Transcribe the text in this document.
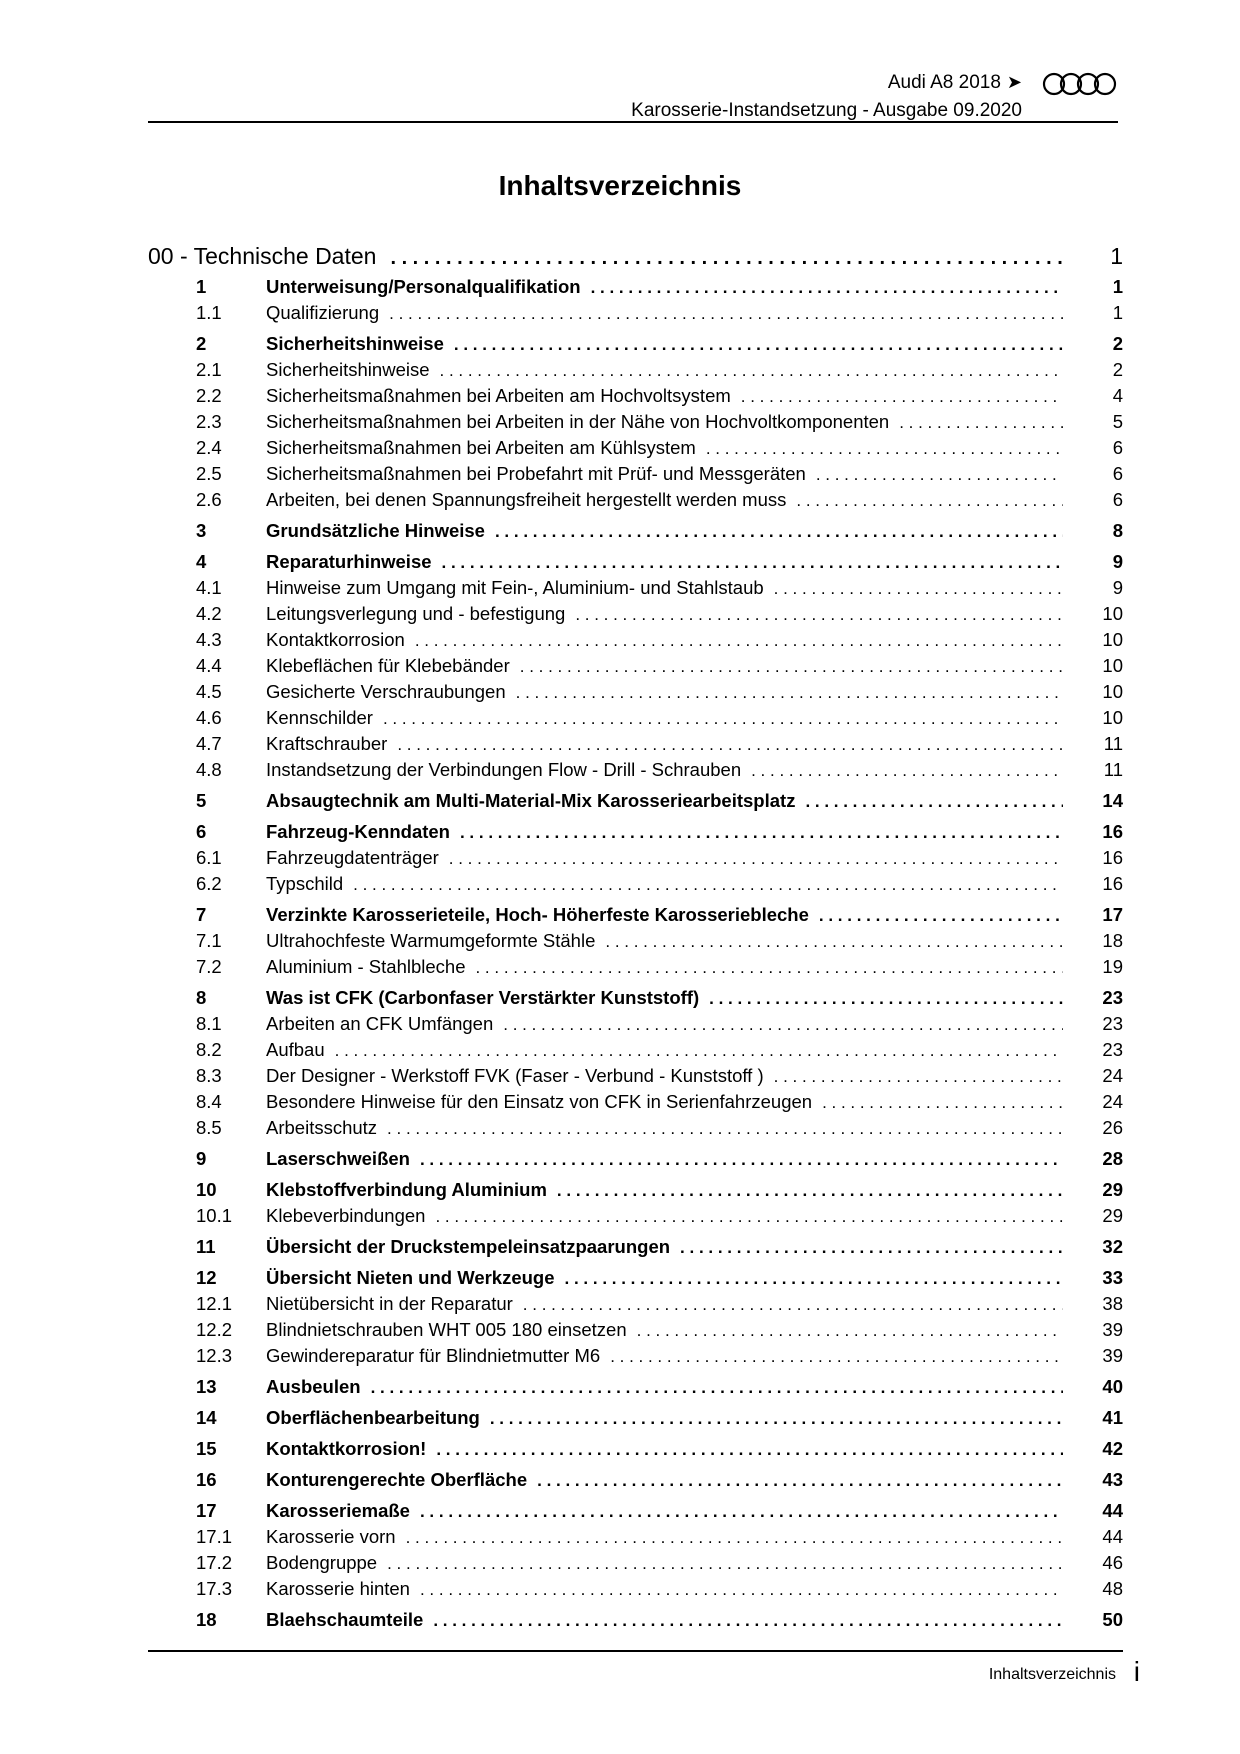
Audi A8 2018 ➤
Karosserie-Instandsetzung - Ausgabe 09.2020
Inhaltsverzeichnis
00 - Technische Daten . . .	1
1	Unterweisung/Personalqualifikation . . .	1
1.1	Qualifizierung . . .	1
2	Sicherheitshinweise . . .	2
2.1	Sicherheitshinweise . . .	2
2.2	Sicherheitsmaßnahmen bei Arbeiten am Hochvoltsystem . . .	4
2.3	Sicherheitsmaßnahmen bei Arbeiten in der Nähe von Hochvoltkomponenten . . .	5
2.4	Sicherheitsmaßnahmen bei Arbeiten am Kühlsystem . . .	6
2.5	Sicherheitsmaßnahmen bei Probefahrt mit Prüf- und Messgeräten . . .	6
2.6	Arbeiten, bei denen Spannungsfreiheit hergestellt werden muss . . .	6
3	Grundsätzliche Hinweise . . .	8
4	Reparaturhinweise . . .	9
4.1	Hinweise zum Umgang mit Fein-, Aluminium- und Stahlstaub . . .	9
4.2	Leitungsverlegung und - befestigung . . .	10
4.3	Kontaktkorrosion . . .	10
4.4	Klebeflächen für Klebebänder . . .	10
4.5	Gesicherte Verschraubungen . . .	10
4.6	Kennschilder . . .	10
4.7	Kraftschrauber . . .	11
4.8	Instandsetzung der Verbindungen Flow - Drill - Schrauben . . .	11
5	Absaugtechnik am Multi-Material-Mix Karosseriearbeitsplatz . . .	14
6	Fahrzeug-Kenndaten . . .	16
6.1	Fahrzeugdatenträger . . .	16
6.2	Typschild . . .	16
7	Verzinkte Karosserieteile, Hoch- Höherfeste Karosseriebleche . . .	17
7.1	Ultrahochfeste Warmumgeformte Stähle . . .	18
7.2	Aluminium - Stahlbleche . . .	19
8	Was ist CFK (Carbonfaser Verstärkter Kunststoff) . . .	23
8.1	Arbeiten an CFK Umfängen . . .	23
8.2	Aufbau . . .	23
8.3	Der Designer - Werkstoff FVK (Faser - Verbund - Kunststoff ) . . .	24
8.4	Besondere Hinweise für den Einsatz von CFK in Serienfahrzeugen . . .	24
8.5	Arbeitsschutz . . .	26
9	Laserschweißen . . .	28
10	Klebstoffverbindung Aluminium . . .	29
10.1	Klebeverbindungen . . .	29
11	Übersicht der Druckstempeleinsatzpaarungen . . .	32
12	Übersicht Nieten und Werkzeuge . . .	33
12.1	Nietübersicht in der Reparatur . . .	38
12.2	Blindnietschrauben WHT 005 180 einsetzen . . .	39
12.3	Gewindereparatur für Blindnietmutter M6 . . .	39
13	Ausbeulen . . .	40
14	Oberflächenbearbeitung . . .	41
15	Kontaktkorrosion! . . .	42
16	Konturengerechte Oberfläche . . .	43
17	Karosseriemaße . . .	44
17.1	Karosserie vorn . . .	44
17.2	Bodengruppe . . .	46
17.3	Karosserie hinten . . .	48
18	Blaehschaumteile . . .	50
Inhaltsverzeichnis i
